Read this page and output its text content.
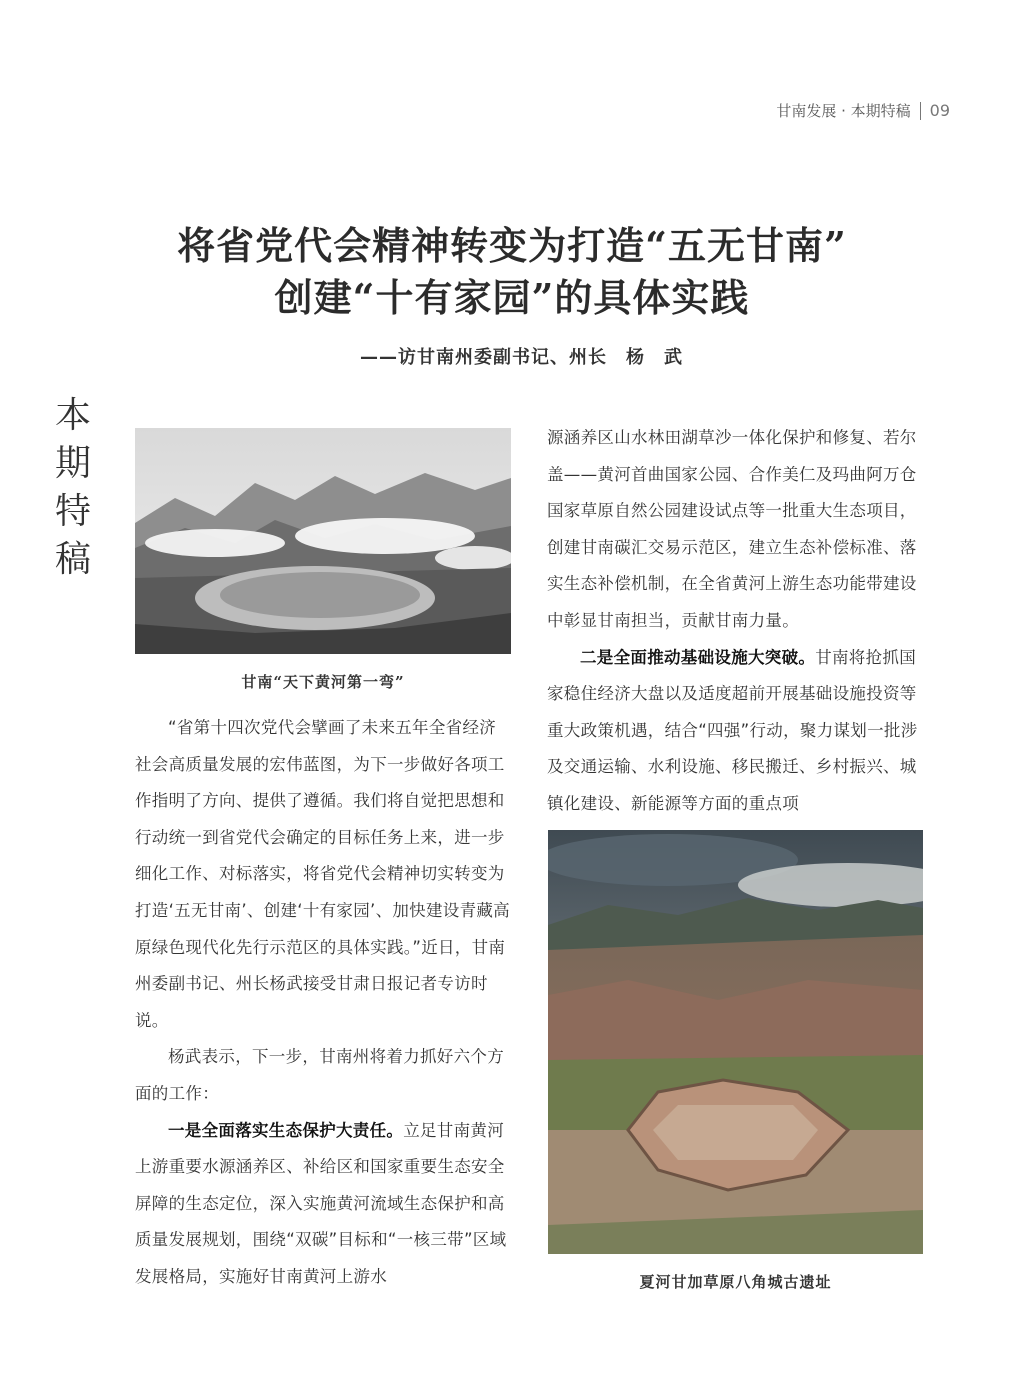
甘南发展 · 本期特稿 09
将省党代会精神转变为打造“五无甘南”
创建“十有家园”的具体实践
——访甘南州委副书记、州长　杨　武
本
期
特
稿
甘南“天下黄河第一弯”
夏河甘加草原八角城古遗址

“省第十四次党代会擘画了未来五年全省经济社会高质量发展的宏伟蓝图，为下一步做好各项工作指明了方向、提供了遵循。我们将自觉把思想和行动统一到省党代会确定的目标任务上来，进一步细化工作、对标落实，将省党代会精神切实转变为打造‘五无甘南’、创建‘十有家园’、加快建设青藏高原绿色现代化先行示范区的具体实践。”近日，甘南州委副书记、州长杨武接受甘肃日报记者专访时说。

杨武表示，下一步，甘南州将着力抓好六个方面的工作：

一是全面落实生态保护大责任。立足甘南黄河上游重要水源涵养区、补给区和国家重要生态安全屏障的生态定位，深入实施黄河流域生态保护和高质量发展规划，围绕“双碳”目标和“一核三带”区域发展格局，实施好甘南黄河上游水

源涵养区山水林田湖草沙一体化保护和修复、若尔盖——黄河首曲国家公园、合作美仁及玛曲阿万仓国家草原自然公园建设试点等一批重大生态项目，创建甘南碳汇交易示范区，建立生态补偿标准、落实生态补偿机制，在全省黄河上游生态功能带建设中彰显甘南担当，贡献甘南力量。

二是全面推动基础设施大突破。甘南将抢抓国家稳住经济大盘以及适度超前开展基础设施投资等重大政策机遇，结合“四强”行动，聚力谋划一批涉及交通运输、水利设施、移民搬迁、乡村振兴、城镇化建设、新能源等方面的重点项
